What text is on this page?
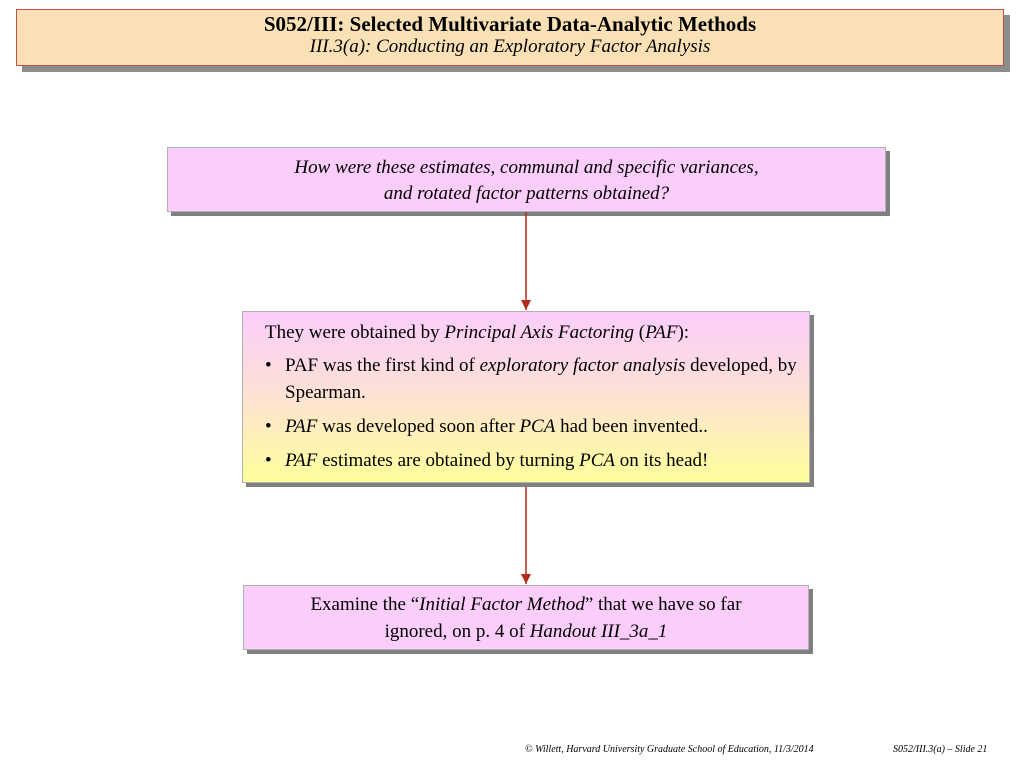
S052/III: Selected Multivariate Data-Analytic Methods
III.3(a): Conducting an Exploratory Factor Analysis
How were these estimates, communal and specific variances,
and rotated factor patterns obtained?
They were obtained by Principal Axis Factoring (PAF):
• PAF was the first kind of exploratory factor analysis developed, by Spearman.
• PAF was developed soon after PCA had been invented..
• PAF estimates are obtained by turning PCA on its head!
Examine the “Initial Factor Method” that we have so far
ignored, on p. 4 of Handout III_3a_1
© Willett, Harvard University Graduate School of Education, 11/3/2014	S052/III.3(a) – Slide 21
